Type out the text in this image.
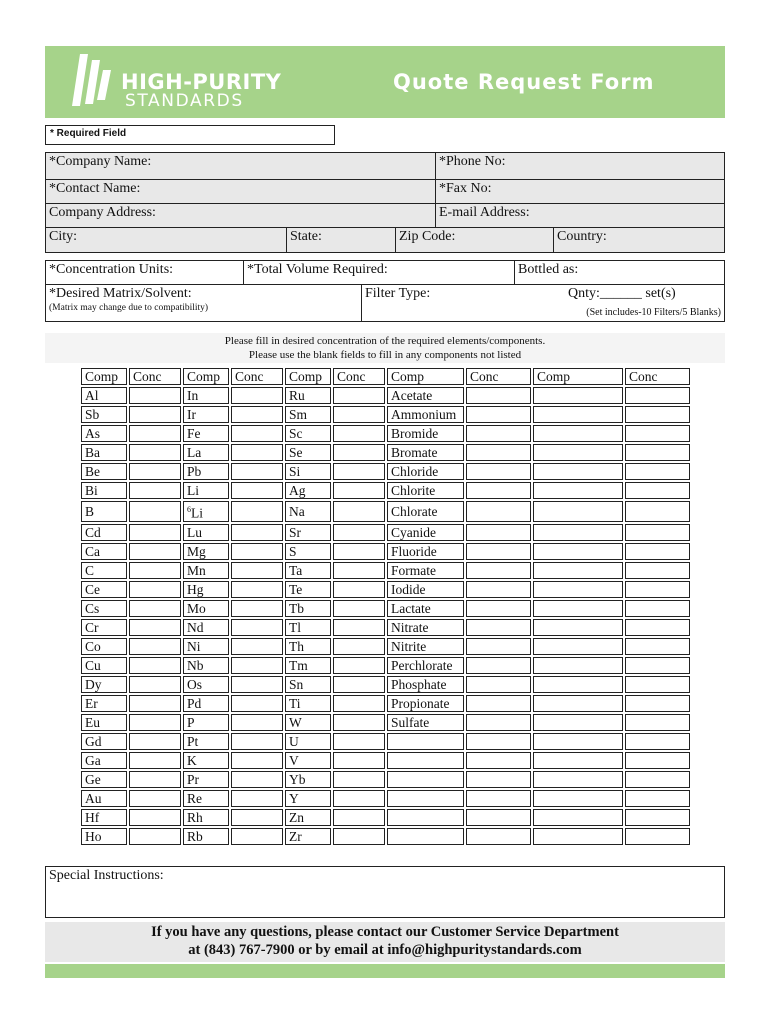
HIGH-PURITY
STANDARDS
Quote Request Form
* Required Field
*Company Name:	*Phone No:
*Contact Name:	*Fax No:
Company Address:	E-mail Address:
City:	State:	Zip Code:	Country:
*Concentration Units:	*Total Volume Required:	Bottled as:
*Desired Matrix/Solvent:
(Matrix may change due to compatibility)
Filter Type:	Qnty:______ set(s)
(Set includes-10 Filters/5 Blanks)
Please fill in desired concentration of the required elements/components.
Please use the blank fields to fill in any components not listed
Comp	Conc	Comp	Conc	Comp	Conc	Comp	Conc	Comp	Conc
Al		In		Ru		Acetate			
Sb		Ir		Sm		Ammonium			
As		Fe		Sc		Bromide			
Ba		La		Se		Bromate			
Be		Pb		Si		Chloride			
Bi		Li		Ag		Chlorite			
B		$^6$Li		Na		Chlorate			
Cd		Lu		Sr		Cyanide			
Ca		Mg		S		Fluoride			
C		Mn		Ta		Formate			
Ce		Hg		Te		Iodide			
Cs		Mo		Tb		Lactate			
Cr		Nd		Tl		Nitrate			
Co		Ni		Th		Nitrite			
Cu		Nb		Tm		Perchlorate			
Dy		Os		Sn		Phosphate			
Er		Pd		Ti		Propionate			
Eu		P		W		Sulfate			
Gd		Pt		U					
Ga		K		V					
Ge		Pr		Yb					
Au		Re		Y					
Hf		Rh		Zn					
Ho		Rb		Zr					
Special Instructions:
If you have any questions, please contact our Customer Service Department
at (843) 767-7900 or by email at info@highpuritystandards.com
